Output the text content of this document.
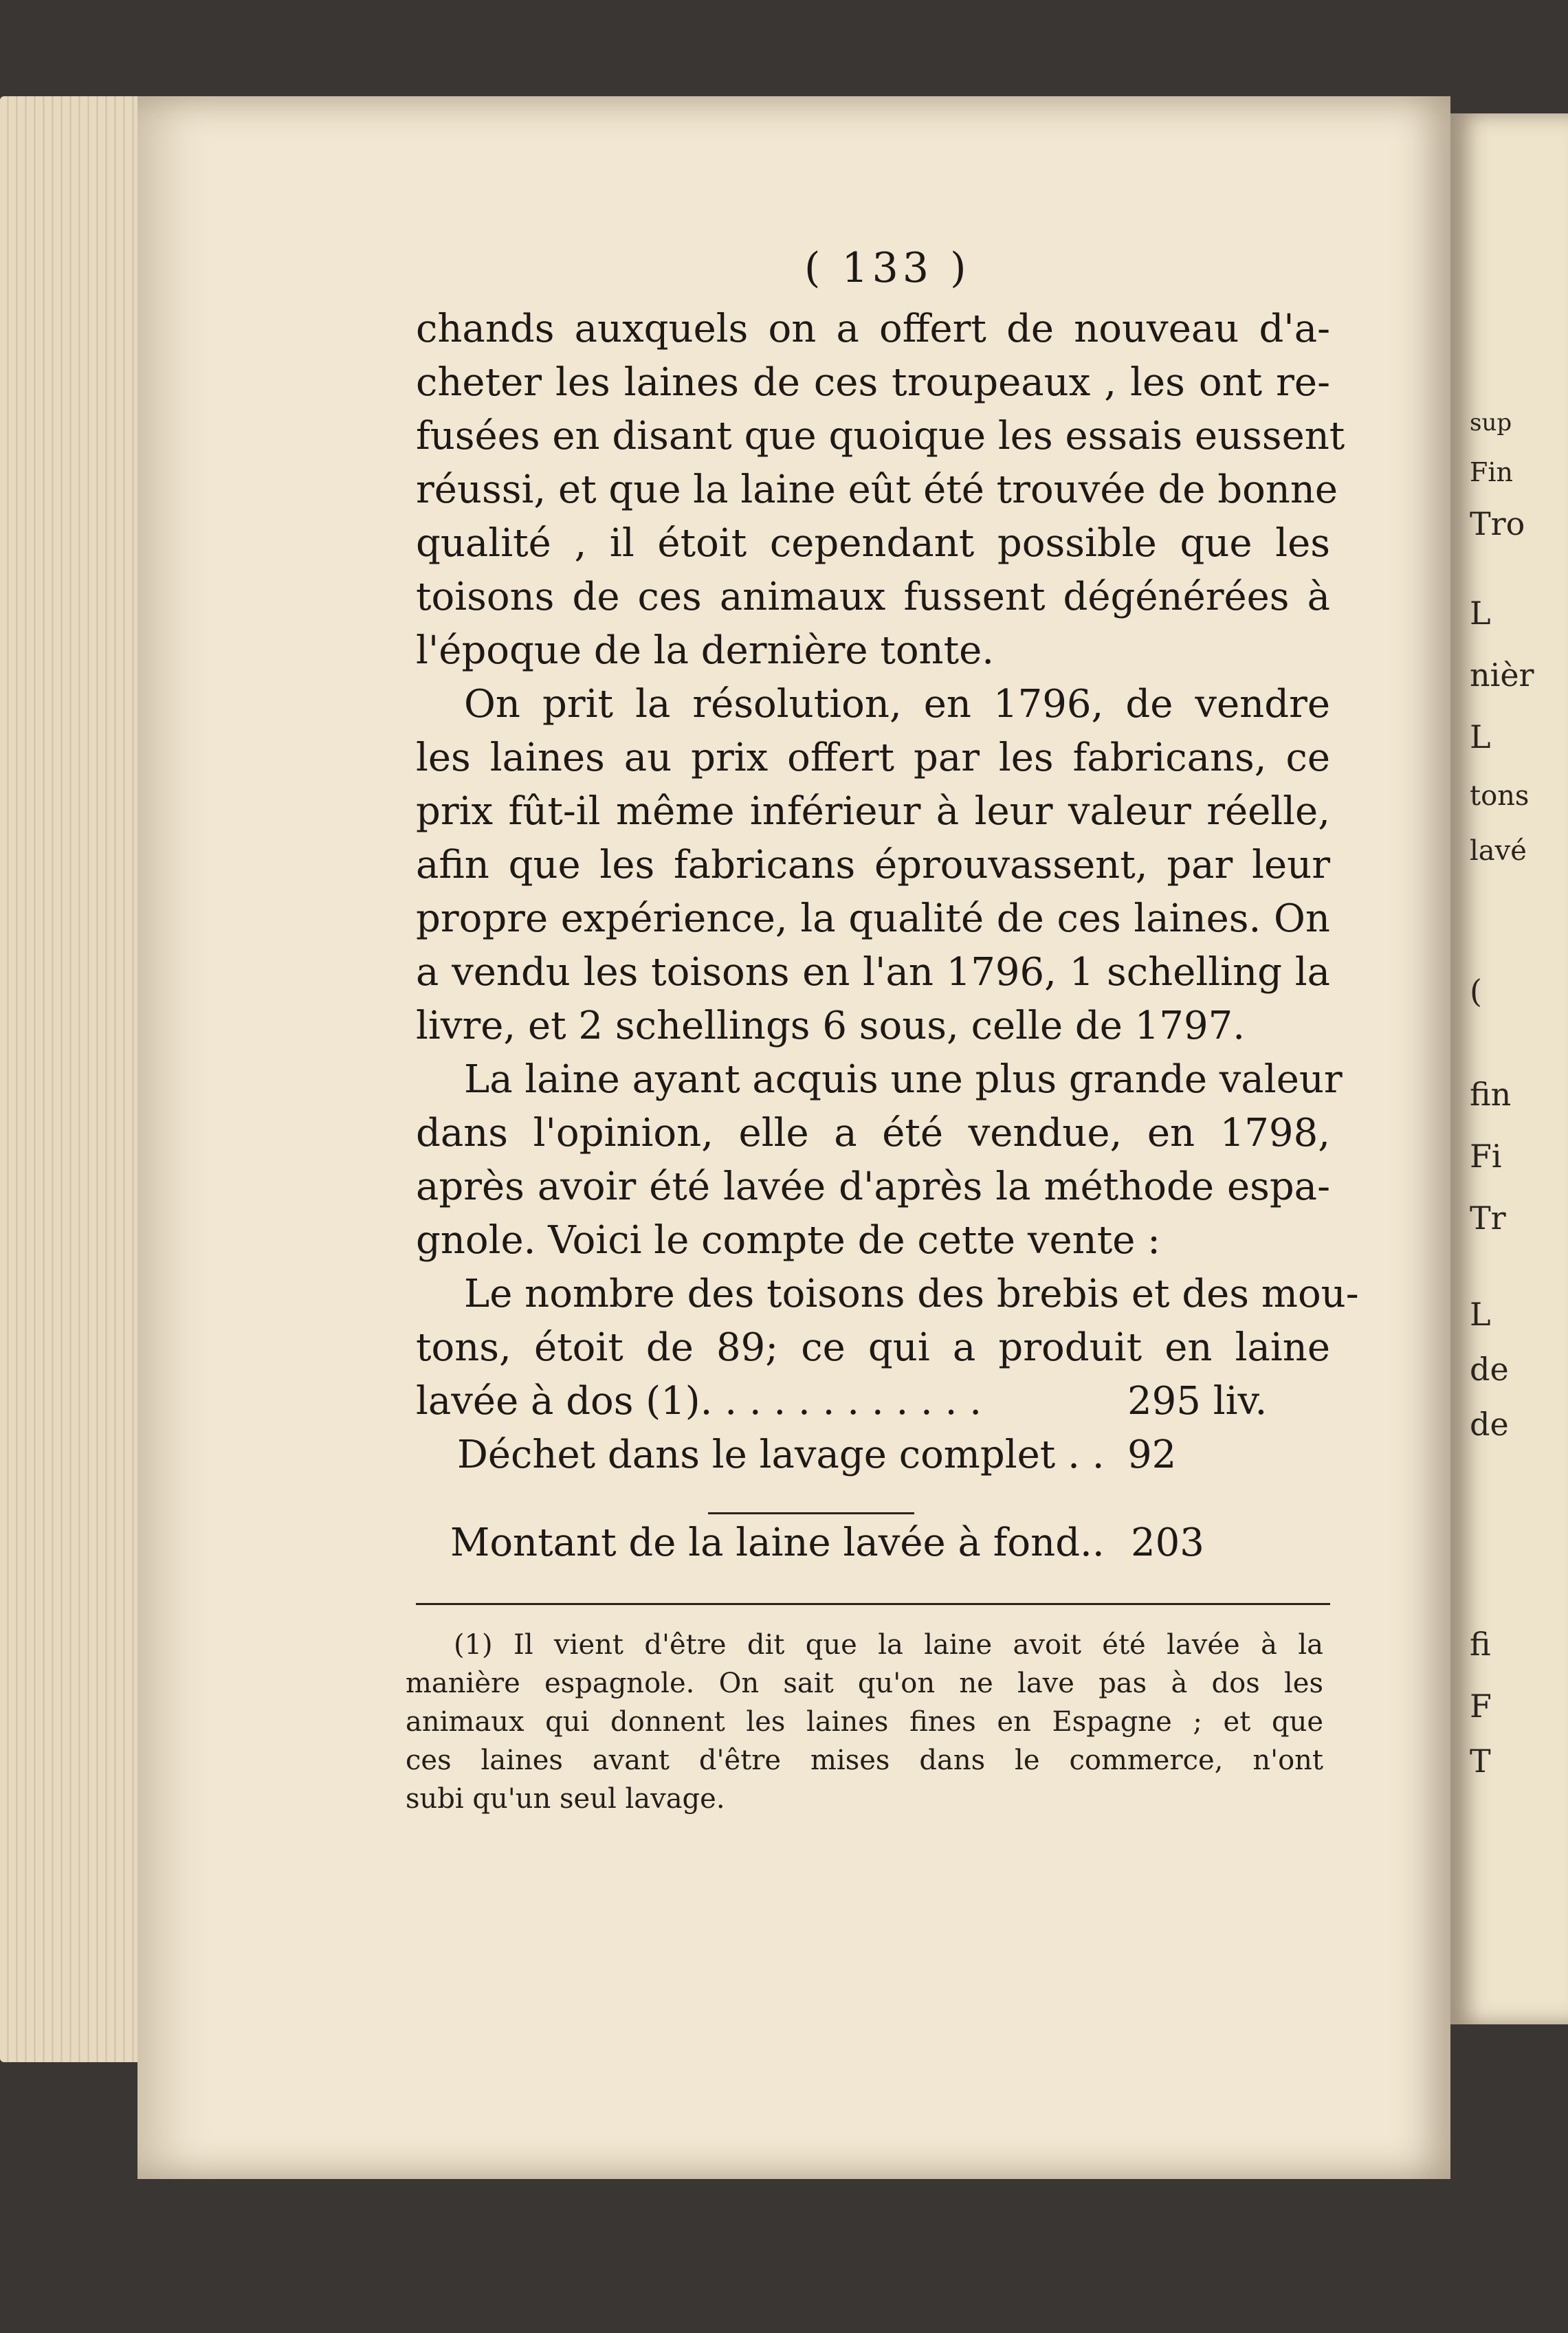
sup
Fin
Tro
L
nièr
L
tons
lavé
(
fin
Fi
Tr
L
de
de
fi
F
T
( 133 )
chands auxquels on a offert de nouveau d'a-
cheter les laines de ces troupeaux , les ont re-
fusées en disant que quoique les essais eussent
réussi, et que la laine eût été trouvée de bonne
qualité , il étoit cependant possible que les
toisons de ces animaux fussent dégénérées à
l'époque de la dernière tonte.
On prit la résolution, en 1796, de vendre
les laines au prix offert par les fabricans, ce
prix fût-il même inférieur à leur valeur réelle,
afin que les fabricans éprouvassent, par leur
propre expérience, la qualité de ces laines. On
a vendu les toisons en l'an 1796, 1 schelling la
livre, et 2 schellings 6 sous, celle de 1797.
La laine ayant acquis une plus grande valeur
dans l'opinion, elle a été vendue, en 1798,
après avoir été lavée d'après la méthode espa-
gnole. Voici le compte de cette vente :
Le nombre des toisons des brebis et des mou-
tons, étoit de 89; ce qui a produit en laine
lavée à dos (1). . . . . . . . . . . .	295 liv.
Déchet dans le lavage complet . . 92
Montant de la laine lavée à fond.. 203
(1) Il vient d'être dit que la laine avoit été lavée à la
manière espagnole. On sait qu'on ne lave pas à dos les
animaux qui donnent les laines fines en Espagne ; et que
ces laines avant d'être mises dans le commerce, n'ont
subi qu'un seul lavage.
